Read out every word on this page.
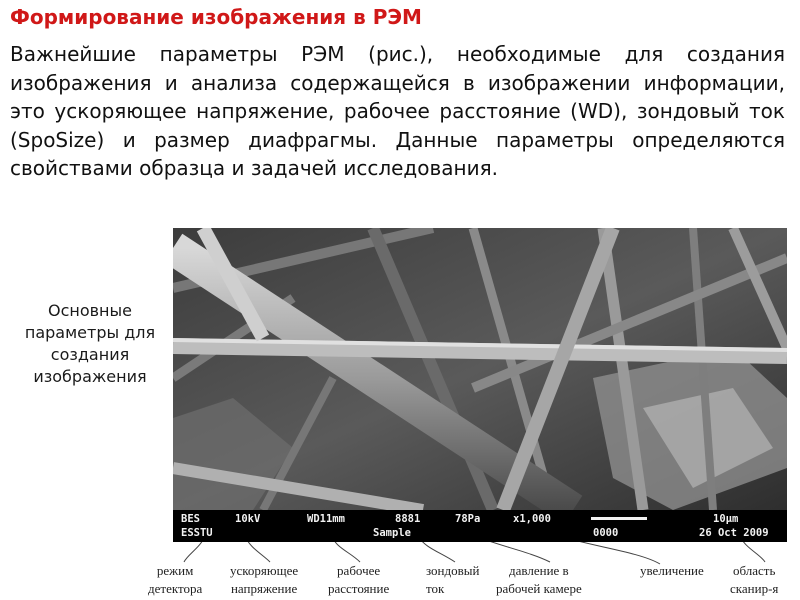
Формирование изображения в РЭМ
Важнейшие параметры РЭМ (рис.), необходимые для создания изображения и анализа содержащейся в изображении информации, это ускоряющее напряжение, рабочее расстояние (WD), зондовый ток (SpoSize) и размер диафрагмы. Данные параметры определяются свойствами образца и задачей исследования.
Основные параметры для создания изображения
BES
ESSTU
10kV	WD11mm	8881
Sample
78Pa	x1,000
0000
10μm
26 Oct 2009
режим
детектора
ускоряющее
напряжение
рабочее
расстояние
зондовый
ток
давление в
рабочей камере
увеличение область
сканир-я
